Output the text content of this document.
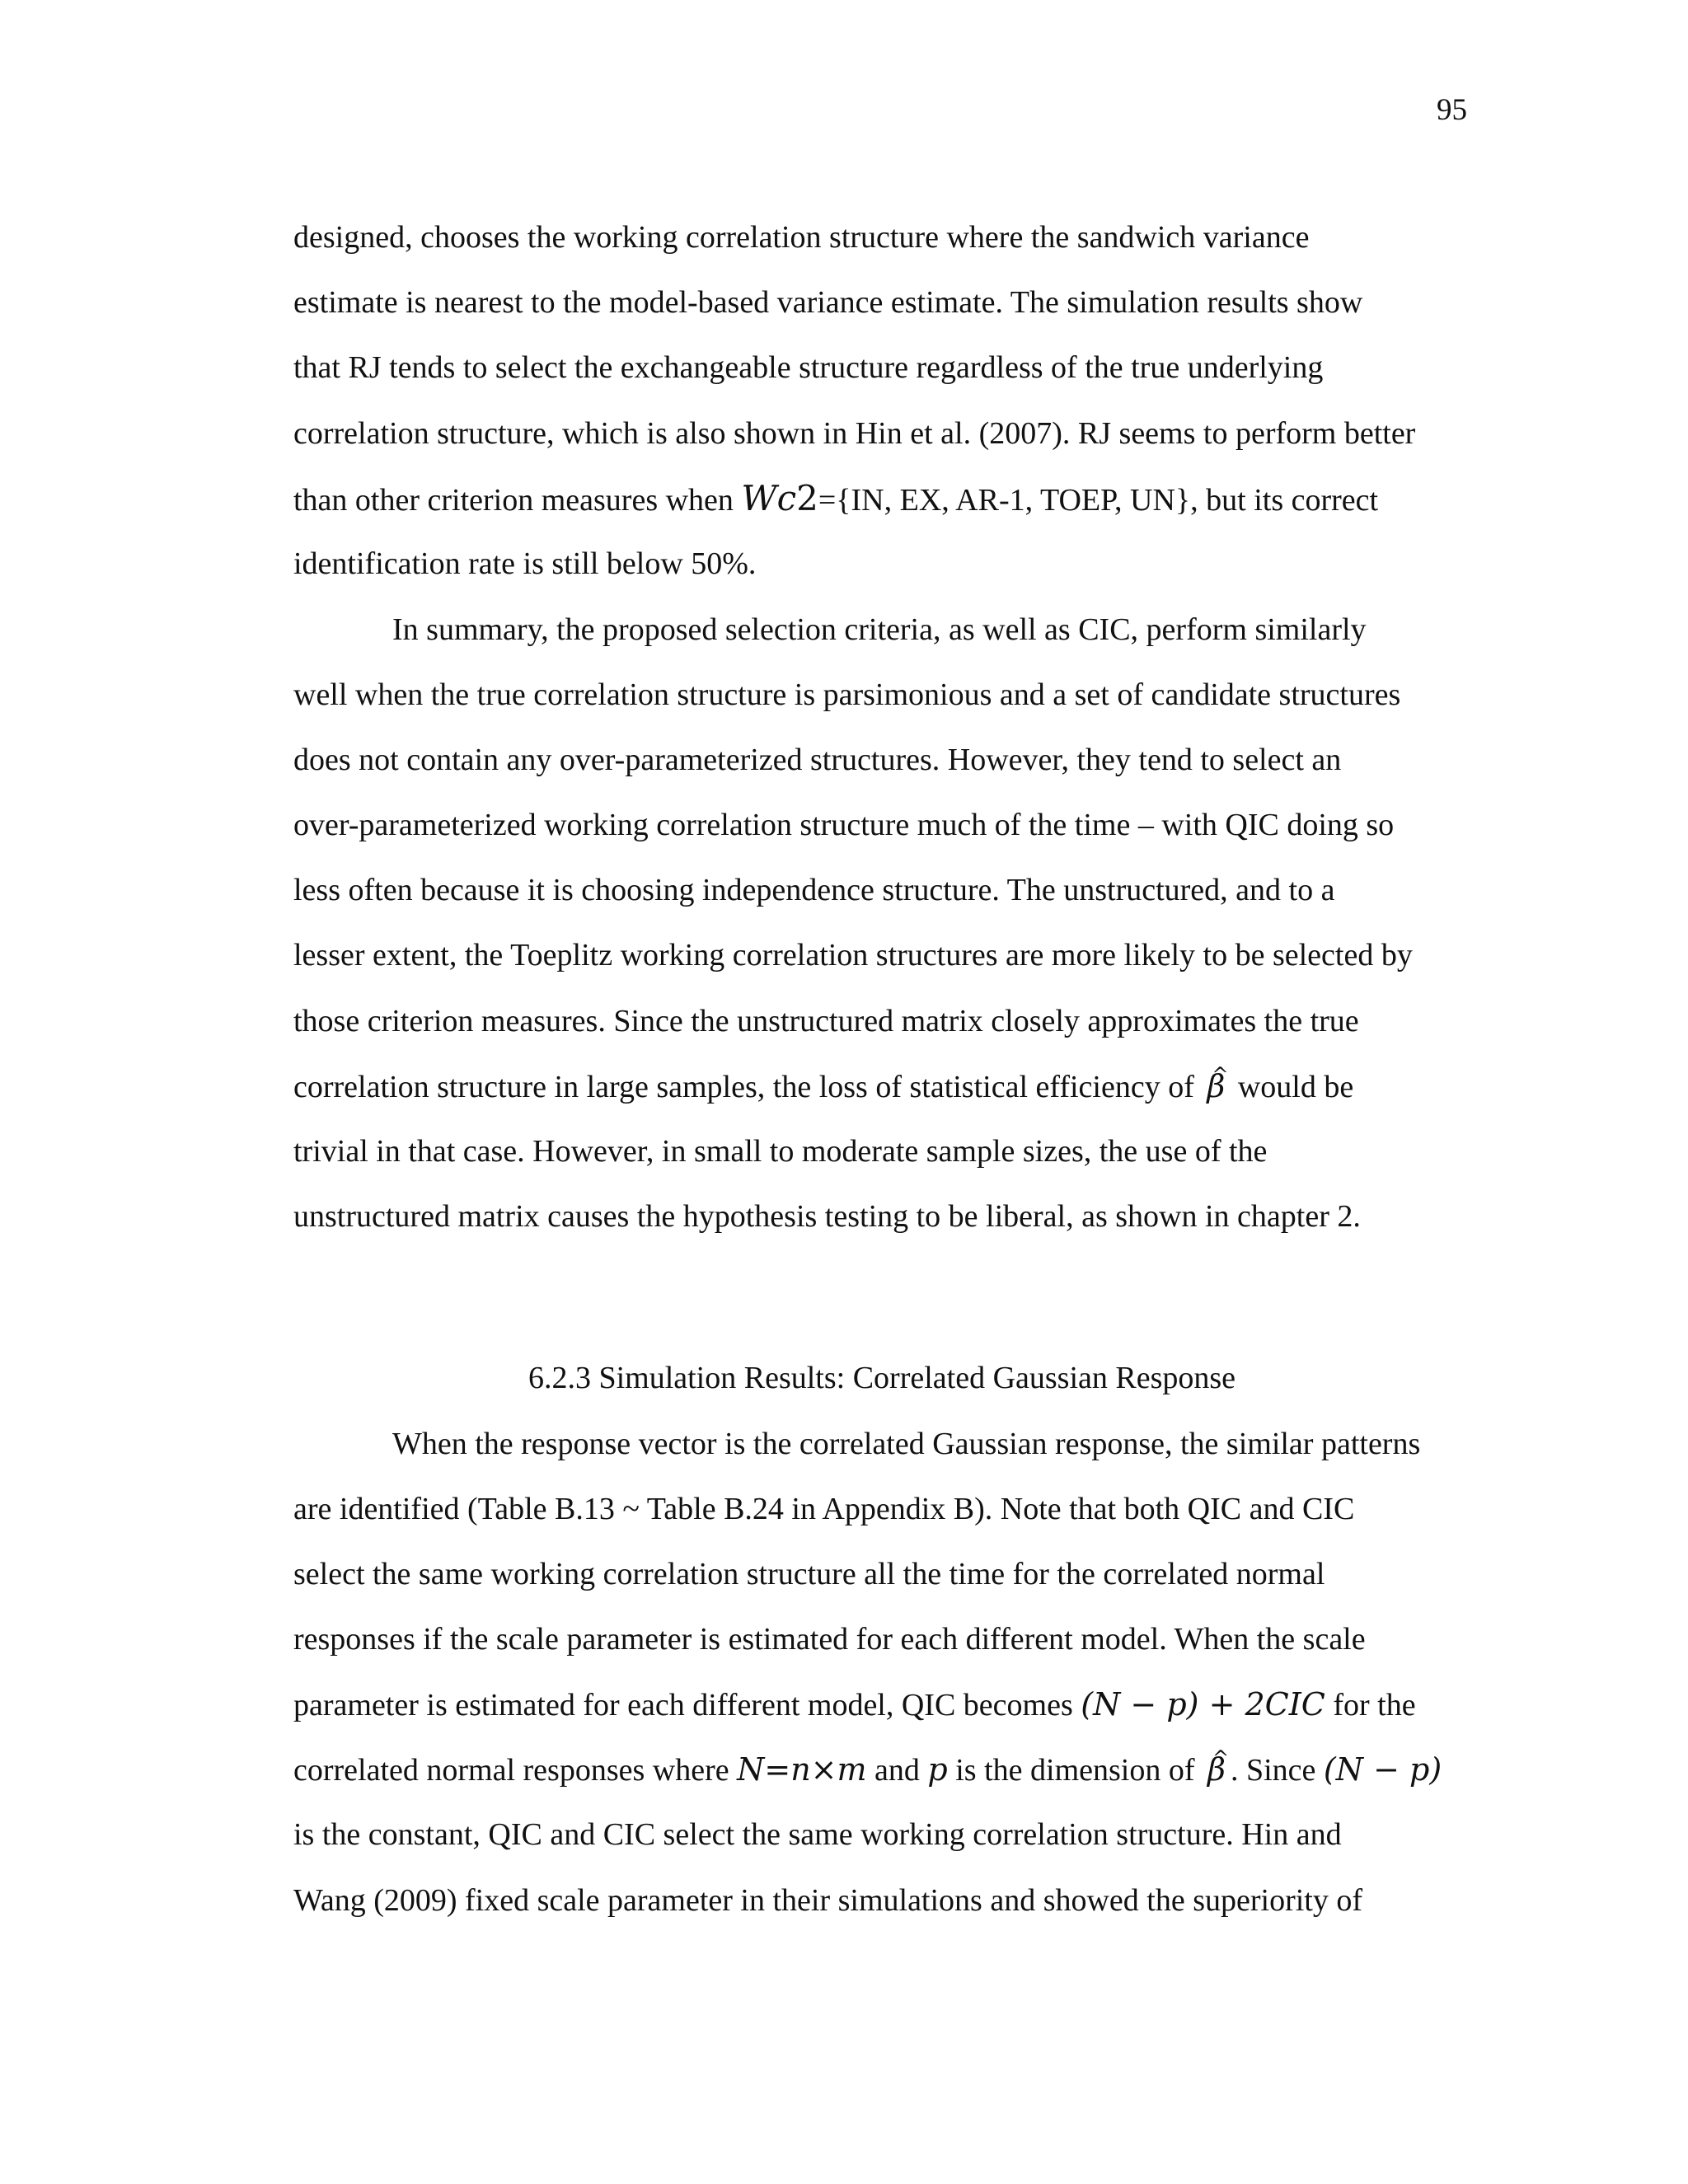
95
designed, chooses the working correlation structure where the sandwich variance
estimate is nearest to the model-based variance estimate. The simulation results show
that RJ tends to select the exchangeable structure regardless of the true underlying
correlation structure, which is also shown in Hin et al. (2007). RJ seems to perform better
than other criterion measures when Wc2={IN, EX, AR-1, TOEP, UN}, but its correct
identification rate is still below 50%.
In summary, the proposed selection criteria, as well as CIC, perform similarly
well when the true correlation structure is parsimonious and a set of candidate structures
does not contain any over-parameterized structures. However, they tend to select an
over-parameterized working correlation structure much of the time – with QIC doing so
less often because it is choosing independence structure. The unstructured, and to a
lesser extent, the Toeplitz working correlation structures are more likely to be selected by
those criterion measures. Since the unstructured matrix closely approximates the true
correlation structure in large samples, the loss of statistical efficiency of ^ β would be
trivial in that case. However, in small to moderate sample sizes, the use of the
unstructured matrix causes the hypothesis testing to be liberal, as shown in chapter 2.
6.2.3 Simulation Results: Correlated Gaussian Response
When the response vector is the correlated Gaussian response, the similar patterns
are identified (Table B.13 ~ Table B.24 in Appendix B). Note that both QIC and CIC
select the same working correlation structure all the time for the correlated normal
responses if the scale parameter is estimated for each different model. When the scale
parameter is estimated for each different model, QIC becomes (N − p) + 2CIC for the
correlated normal responses where N=n×m and p is the dimension of ^ β . Since (N − p)
is the constant, QIC and CIC select the same working correlation structure. Hin and
Wang (2009) fixed scale parameter in their simulations and showed the superiority of
